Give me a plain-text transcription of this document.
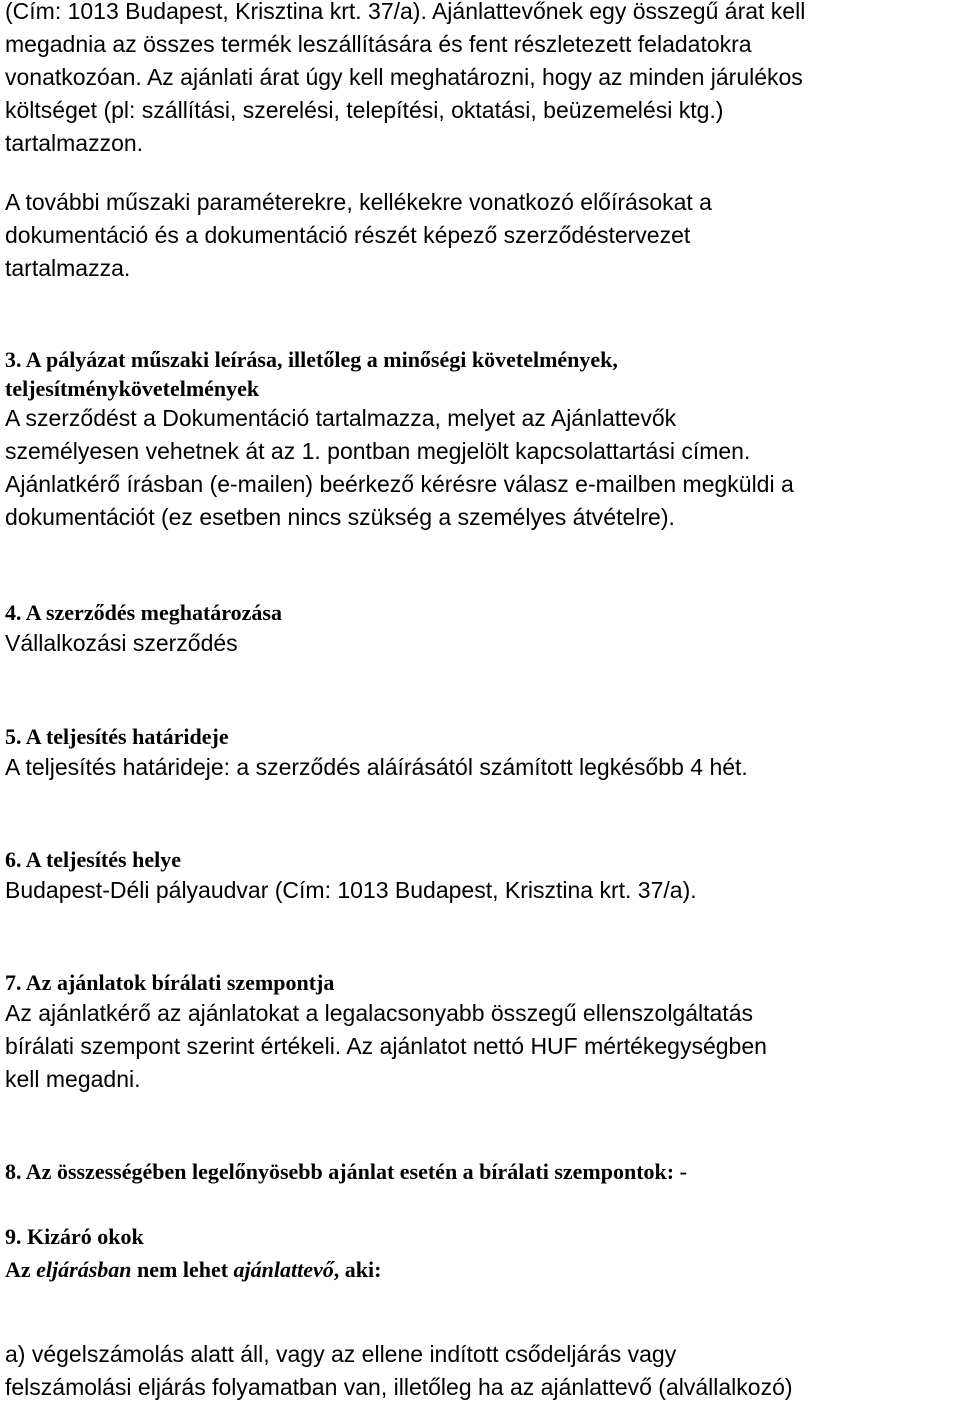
(Cím: 1013 Budapest, Krisztina krt. 37/a). Ajánlattevőnek egy összegű árat kell
megadnia az összes termék leszállítására és fent részletezett feladatokra
vonatkozóan. Az ajánlati árat úgy kell meghatározni, hogy az minden járulékos
költséget (pl: szállítási, szerelési, telepítési, oktatási, beüzemelési ktg.)
tartalmazzon.
A további műszaki paraméterekre, kellékekre vonatkozó előírásokat a
dokumentáció és a dokumentáció részét képező szerződéstervezet
tartalmazza.
3. A pályázat műszaki leírása, illetőleg a minőségi követelmények,
teljesítménykövetelmények
A szerződést a Dokumentáció tartalmazza, melyet az Ajánlattevők
személyesen vehetnek át az 1. pontban megjelölt kapcsolattartási címen.
Ajánlatkérő írásban (e-mailen) beérkező kérésre válasz e-mailben megküldi a
dokumentációt (ez esetben nincs szükség a személyes átvételre).
4. A szerződés meghatározása
Vállalkozási szerződés
5. A teljesítés határideje
A teljesítés határideje: a szerződés aláírásától számított legkésőbb 4 hét.
6. A teljesítés helye
Budapest-Déli pályaudvar (Cím: 1013 Budapest, Krisztina krt. 37/a).
7. Az ajánlatok bírálati szempontja
Az ajánlatkérő az ajánlatokat a legalacsonyabb összegű ellenszolgáltatás
bírálati szempont szerint értékeli. Az ajánlatot nettó HUF mértékegységben
kell megadni.
8. Az összességében legelőnyösebb ajánlat esetén a bírálati szempontok: -
9. Kizáró okok
Az eljárásban nem lehet ajánlattevő, aki:
a) végelszámolás alatt áll, vagy az ellene indított csődeljárás vagy
felszámolási eljárás folyamatban van, illetőleg ha az ajánlattevő (alvállalkozó)
